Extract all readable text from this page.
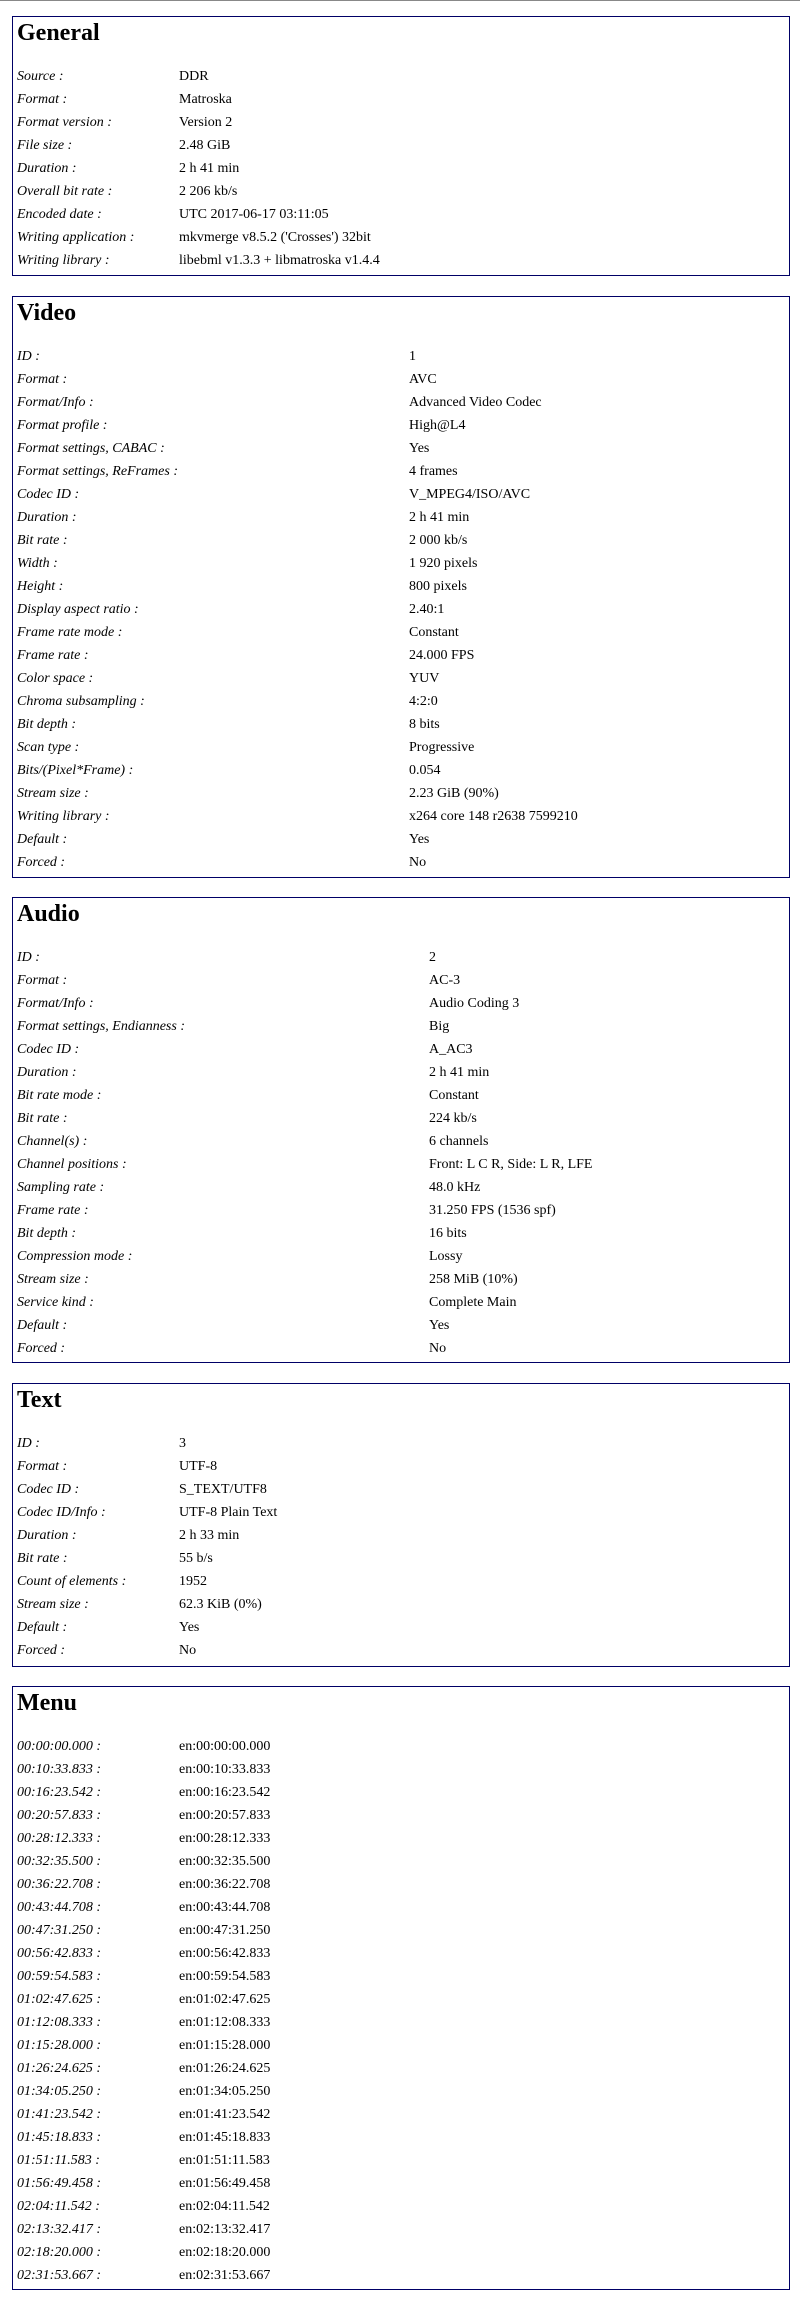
General
Source :	DDR
Format :	Matroska
Format version :	Version 2
File size :	2.48 GiB
Duration :	2 h 41 min
Overall bit rate :	2 206 kb/s
Encoded date :	UTC 2017-06-17 03:11:05
Writing application :	mkvmerge v8.5.2 ('Crosses') 32bit
Writing library :	libebml v1.3.3 + libmatroska v1.4.4
Video
ID :	1
Format :	AVC
Format/Info :	Advanced Video Codec
Format profile :	High@L4
Format settings, CABAC :	Yes
Format settings, ReFrames :	4 frames
Codec ID :	V_MPEG4/ISO/AVC
Duration :	2 h 41 min
Bit rate :	2 000 kb/s
Width :	1 920 pixels
Height :	800 pixels
Display aspect ratio :	2.40:1
Frame rate mode :	Constant
Frame rate :	24.000 FPS
Color space :	YUV
Chroma subsampling :	4:2:0
Bit depth :	8 bits
Scan type :	Progressive
Bits/(Pixel*Frame) :	0.054
Stream size :	2.23 GiB (90%)
Writing library :	x264 core 148 r2638 7599210
Default :	Yes
Forced :	No
Audio
ID :	2
Format :	AC-3
Format/Info :	Audio Coding 3
Format settings, Endianness :	Big
Codec ID :	A_AC3
Duration :	2 h 41 min
Bit rate mode :	Constant
Bit rate :	224 kb/s
Channel(s) :	6 channels
Channel positions :	Front: L C R, Side: L R, LFE
Sampling rate :	48.0 kHz
Frame rate :	31.250 FPS (1536 spf)
Bit depth :	16 bits
Compression mode :	Lossy
Stream size :	258 MiB (10%)
Service kind :	Complete Main
Default :	Yes
Forced :	No
Text
ID :	3
Format :	UTF-8
Codec ID :	S_TEXT/UTF8
Codec ID/Info :	UTF-8 Plain Text
Duration :	2 h 33 min
Bit rate :	55 b/s
Count of elements :	1952
Stream size :	62.3 KiB (0%)
Default :	Yes
Forced :	No
Menu
00:00:00.000 :	en:00:00:00.000
00:10:33.833 :	en:00:10:33.833
00:16:23.542 :	en:00:16:23.542
00:20:57.833 :	en:00:20:57.833
00:28:12.333 :	en:00:28:12.333
00:32:35.500 :	en:00:32:35.500
00:36:22.708 :	en:00:36:22.708
00:43:44.708 :	en:00:43:44.708
00:47:31.250 :	en:00:47:31.250
00:56:42.833 :	en:00:56:42.833
00:59:54.583 :	en:00:59:54.583
01:02:47.625 :	en:01:02:47.625
01:12:08.333 :	en:01:12:08.333
01:15:28.000 :	en:01:15:28.000
01:26:24.625 :	en:01:26:24.625
01:34:05.250 :	en:01:34:05.250
01:41:23.542 :	en:01:41:23.542
01:45:18.833 :	en:01:45:18.833
01:51:11.583 :	en:01:51:11.583
01:56:49.458 :	en:01:56:49.458
02:04:11.542 :	en:02:04:11.542
02:13:32.417 :	en:02:13:32.417
02:18:20.000 :	en:02:18:20.000
02:31:53.667 :	en:02:31:53.667
